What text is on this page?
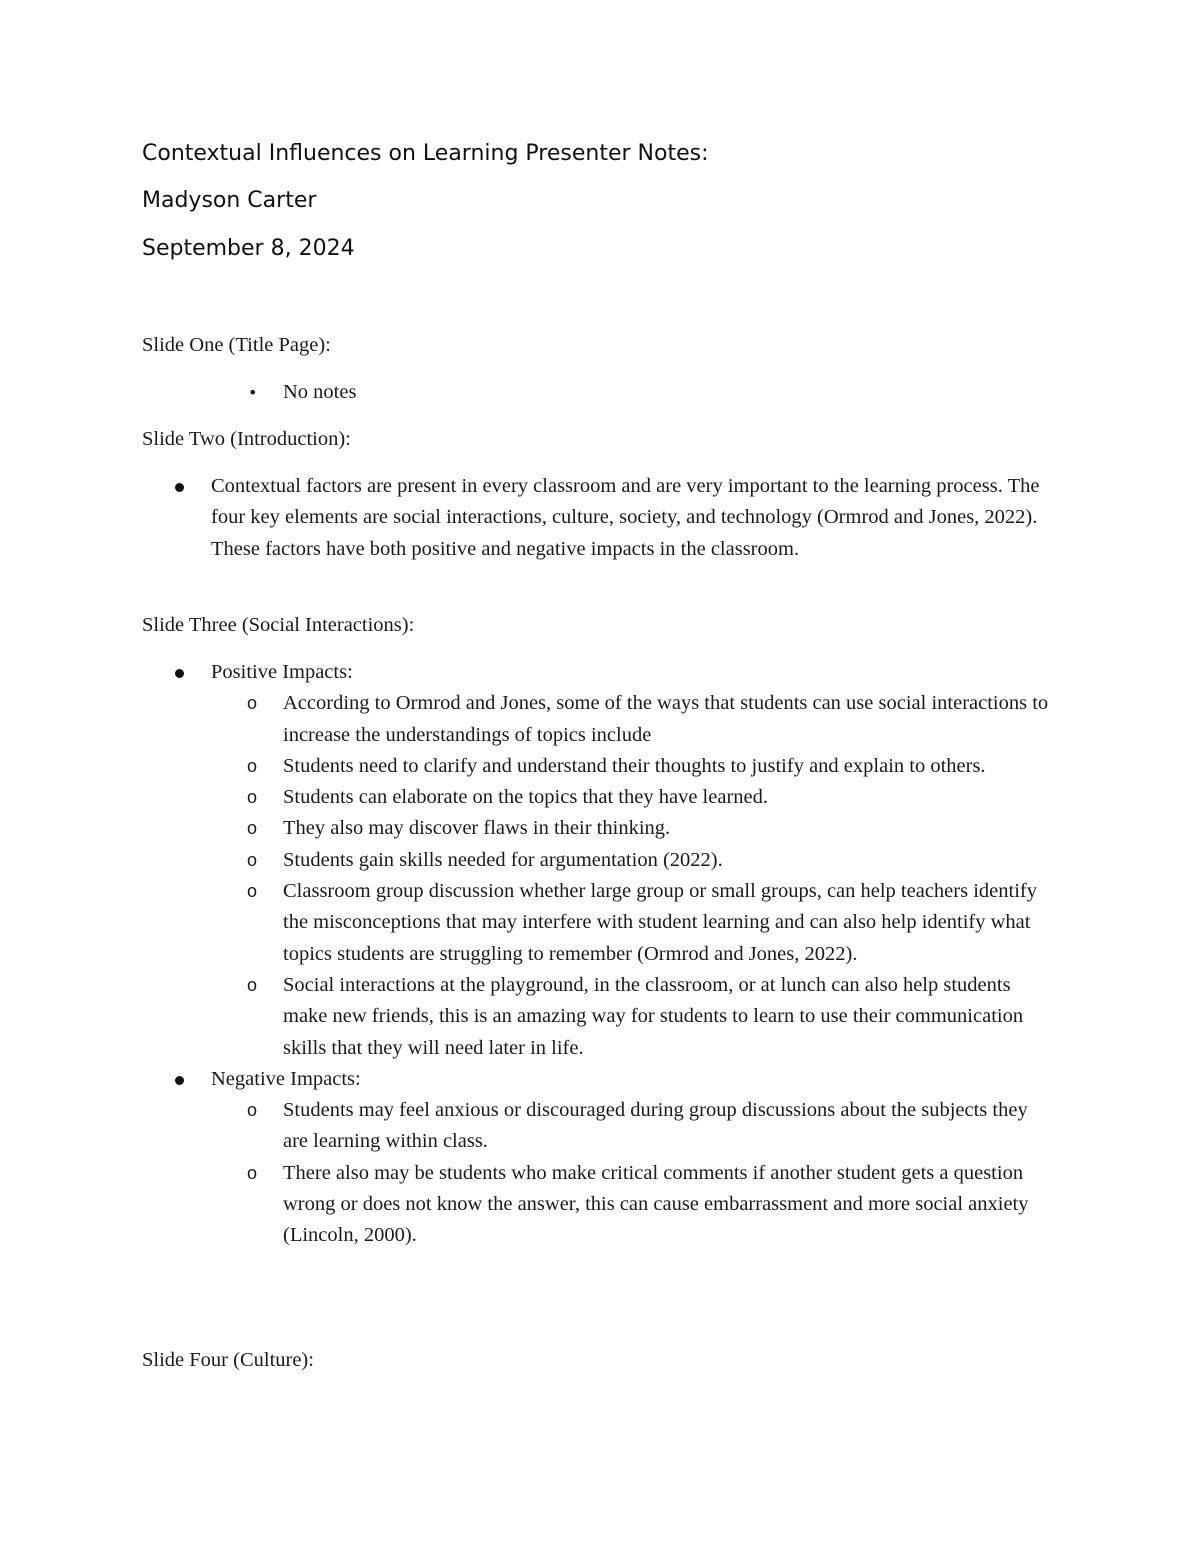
Contextual Influences on Learning Presenter Notes:

Madyson Carter

September 8, 2024

Slide One (Title Page):

• No notes

Slide Two (Introduction):

Contextual factors are present in every classroom and are very important to the learning process. The four key elements are social interactions, culture, society, and technology (Ormrod and Jones, 2022). These factors have both positive and negative impacts in the classroom.

Slide Three (Social Interactions):

Positive Impacts:
o According to Ormrod and Jones, some of the ways that students can use social interactions to increase the understandings of topics include
o Students need to clarify and understand their thoughts to justify and explain to others.
o Students can elaborate on the topics that they have learned.
o They also may discover flaws in their thinking.
o Students gain skills needed for argumentation (2022).
o Classroom group discussion whether large group or small groups, can help teachers identify the misconceptions that may interfere with student learning and can also help identify what topics students are struggling to remember (Ormrod and Jones, 2022).
o Social interactions at the playground, in the classroom, or at lunch can also help students make new friends, this is an amazing way for students to learn to use their communication skills that they will need later in life.
Negative Impacts:
o Students may feel anxious or discouraged during group discussions about the subjects they are learning within class.
o There also may be students who make critical comments if another student gets a question wrong or does not know the answer, this can cause embarrassment and more social anxiety (Lincoln, 2000).

Slide Four (Culture):
